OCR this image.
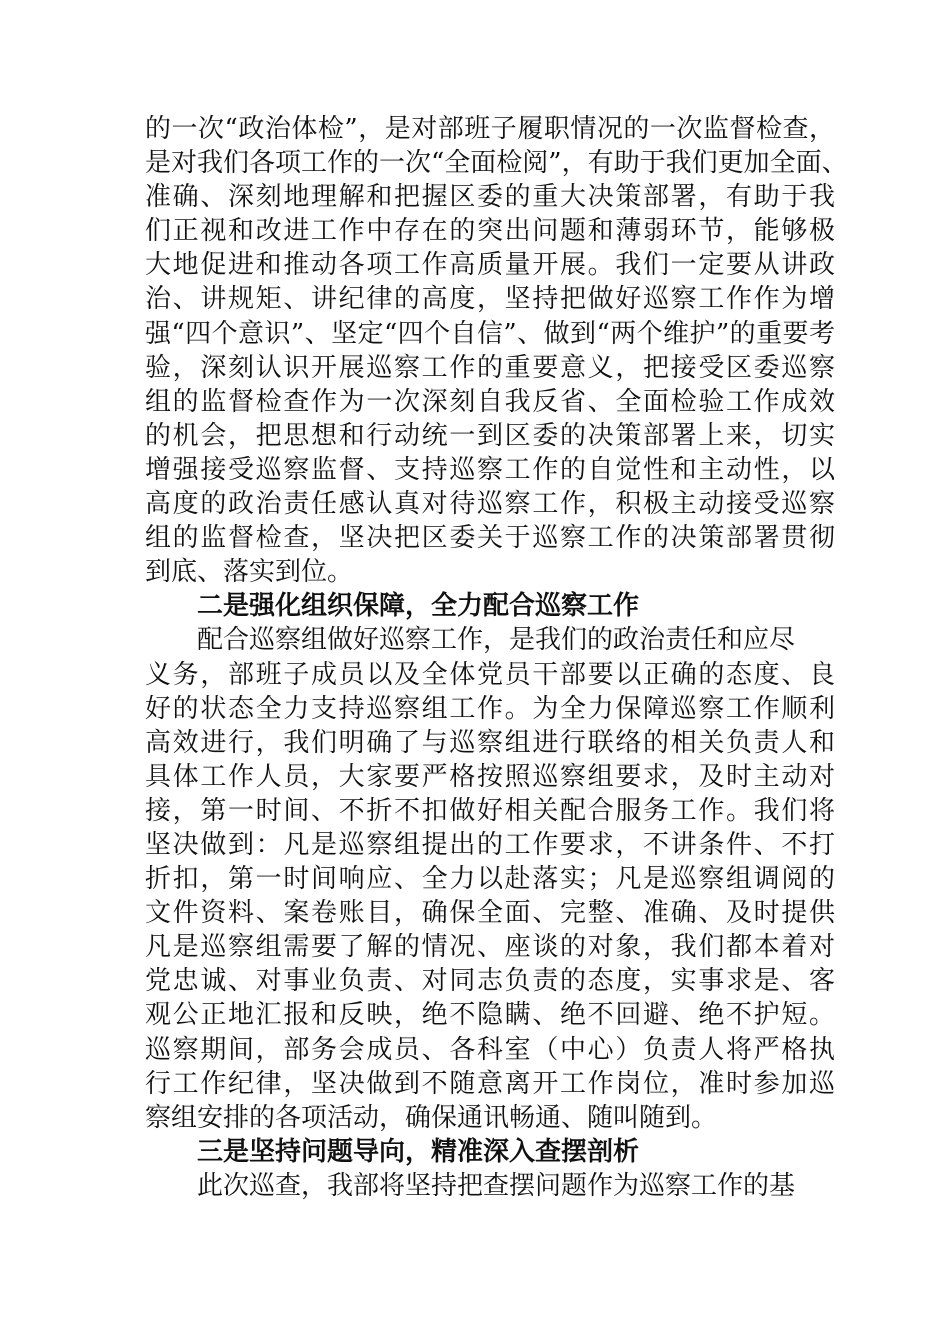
的一次“政治体检”，是对部班子履职情况的一次监督检查，
是对我们各项工作的一次“全面检阅”，有助于我们更加全面、
准确、深刻地理解和把握区委的重大决策部署，有助于我
们正视和改进工作中存在的突出问题和薄弱环节，能够极
大地促进和推动各项工作高质量开展。我们一定要从讲政
治、讲规矩、讲纪律的高度，坚持把做好巡察工作作为增
强“四个意识”、坚定“四个自信”、做到“两个维护”的重要考
验，深刻认识开展巡察工作的重要意义，把接受区委巡察
组的监督检查作为一次深刻自我反省、全面检验工作成效
的机会，把思想和行动统一到区委的决策部署上来，切实
增强接受巡察监督、支持巡察工作的自觉性和主动性，以
高度的政治责任感认真对待巡察工作，积极主动接受巡察
组的监督检查，坚决把区委关于巡察工作的决策部署贯彻
到底、落实到位。
二是强化组织保障，全力配合巡察工作
配合巡察组做好巡察工作，是我们的政治责任和应尽
义务，部班子成员以及全体党员干部要以正确的态度、良
好的状态全力支持巡察组工作。为全力保障巡察工作顺利
高效进行，我们明确了与巡察组进行联络的相关负责人和
具体工作人员，大家要严格按照巡察组要求，及时主动对
接，第一时间、不折不扣做好相关配合服务工作。我们将
坚决做到：凡是巡察组提出的工作要求，不讲条件、不打
折扣，第一时间响应、全力以赴落实；凡是巡察组调阅的
文件资料、案卷账目，确保全面、完整、准确、及时提供
凡是巡察组需要了解的情况、座谈的对象，我们都本着对
党忠诚、对事业负责、对同志负责的态度，实事求是、客
观公正地汇报和反映，绝不隐瞒、绝不回避、绝不护短。
巡察期间，部务会成员、各科室（中心）负责人将严格执
行工作纪律，坚决做到不随意离开工作岗位，准时参加巡
察组安排的各项活动，确保通讯畅通、随叫随到。
三是坚持问题导向，精准深入查摆剖析
此次巡查，我部将坚持把查摆问题作为巡察工作的基
